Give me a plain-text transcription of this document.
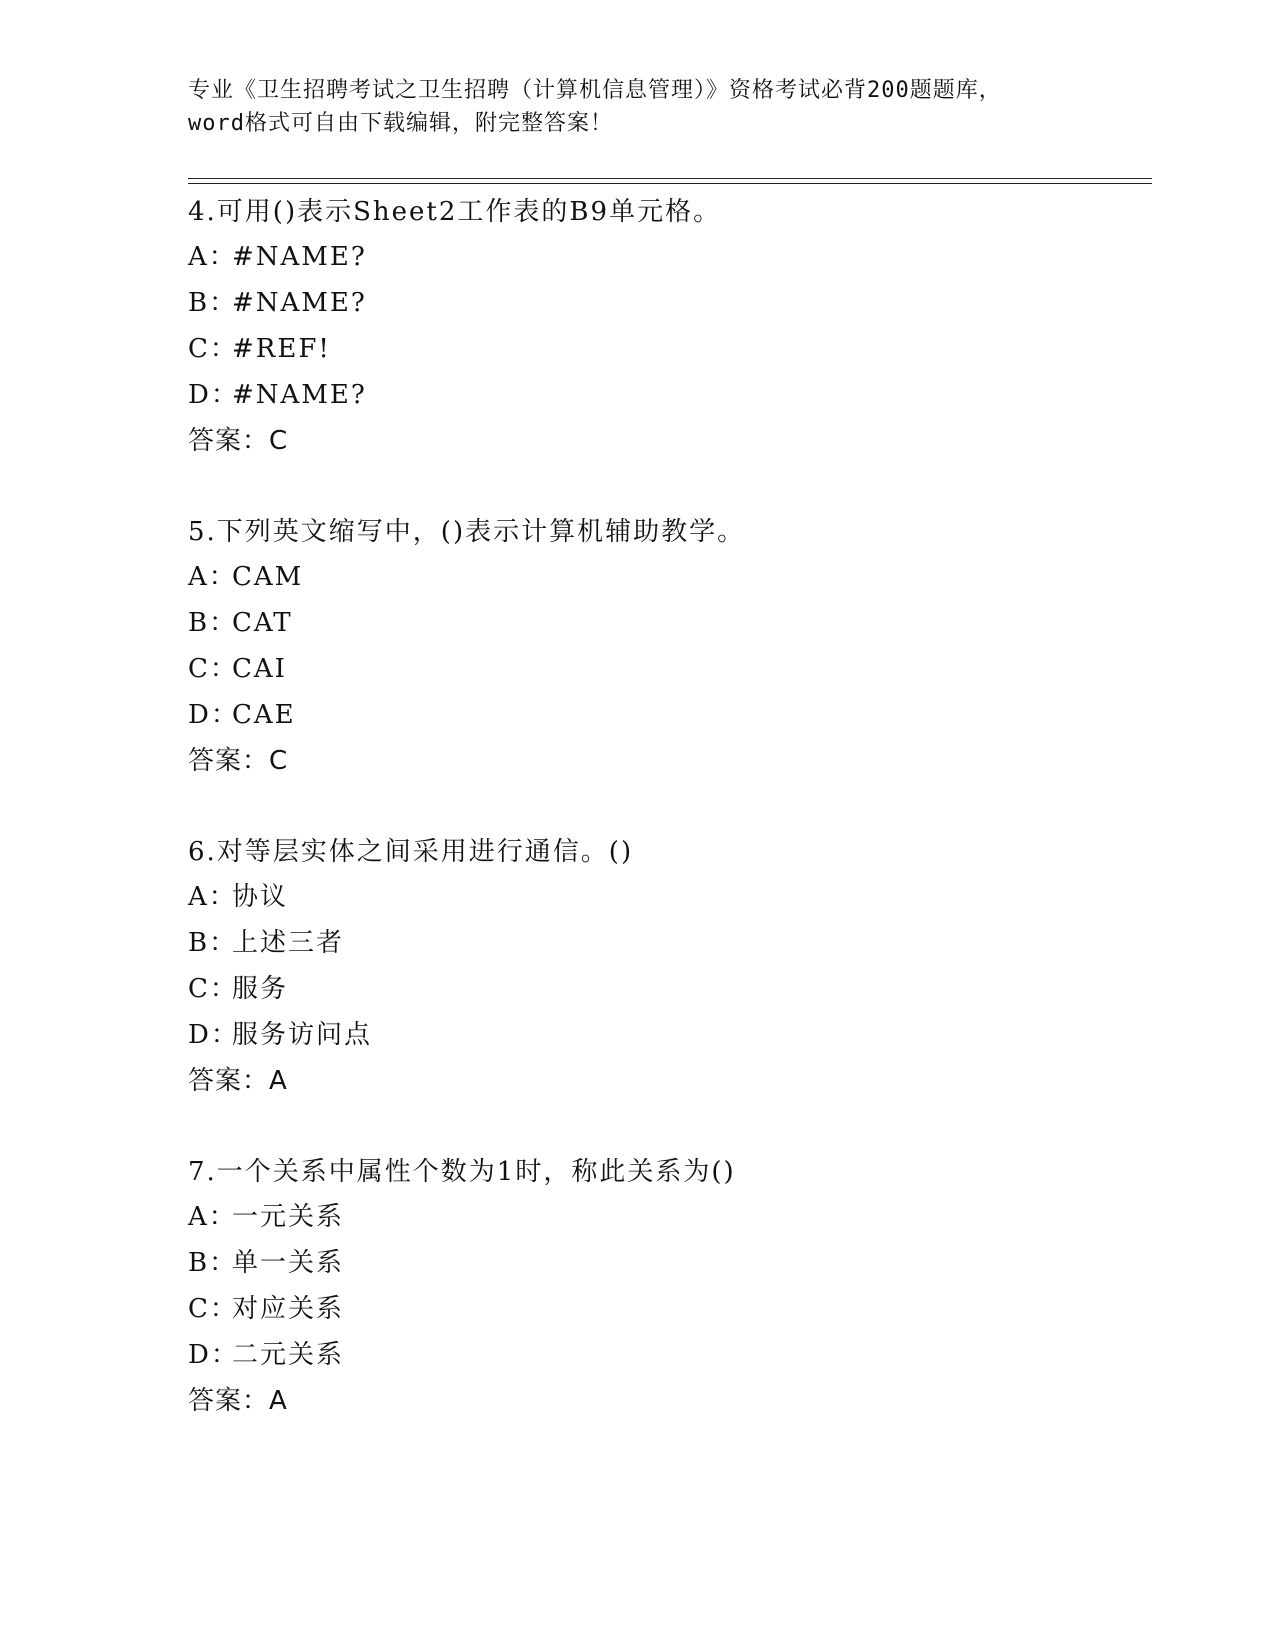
专业《卫生招聘考试之卫生招聘（计算机信息管理）》资格考试必背200题题库，
word格式可自由下载编辑，附完整答案！
4.可用()表示Sheet2工作表的B9单元格。
A：#NAME?
B：#NAME?
C：#REF!
D：#NAME?
答案：C
5.下列英文缩写中，()表示计算机辅助教学。
A：CAM
B：CAT
C：CAI
D：CAE
答案：C
6.对等层实体之间采用进行通信。()
A：协议
B：上述三者
C：服务
D：服务访问点
答案：A
7.一个关系中属性个数为1时，称此关系为()
A：一元关系
B：单一关系
C：对应关系
D：二元关系
答案：A
